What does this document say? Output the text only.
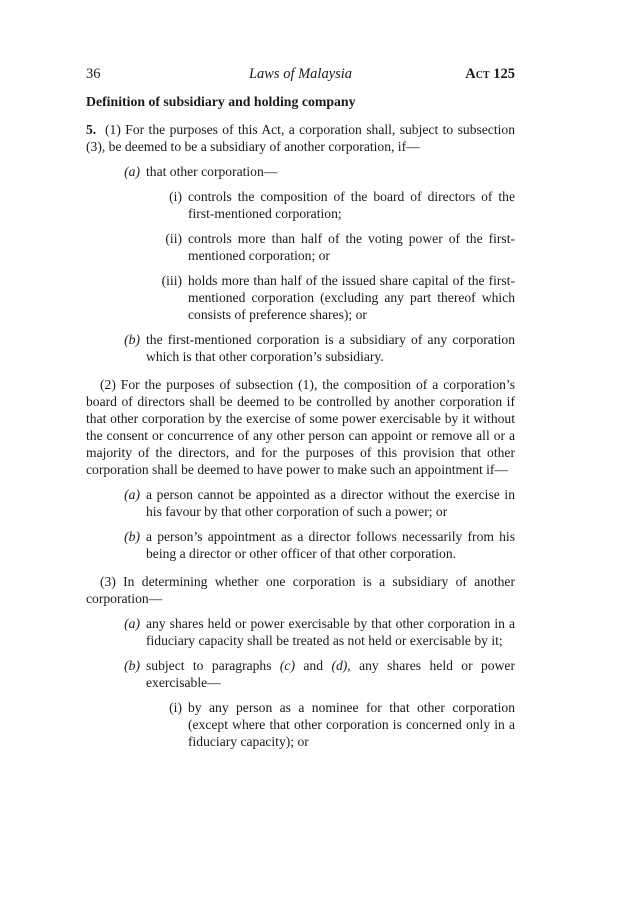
36	Laws of Malaysia	Act 125
Definition of subsidiary and holding company

5. (1) For the purposes of this Act, a corporation shall, subject to subsection (3), be deemed to be a subsidiary of another corporation, if—

(a) that other corporation—
(i) controls the composition of the board of directors of the first-mentioned corporation;
(ii) controls more than half of the voting power of the first-mentioned corporation; or
(iii) holds more than half of the issued share capital of the first-mentioned corporation (excluding any part thereof which consists of preference shares); or
(b) the first-mentioned corporation is a subsidiary of any corporation which is that other corporation’s subsidiary.

(2) For the purposes of subsection (1), the composition of a corporation’s board of directors shall be deemed to be controlled by another corporation if that other corporation by the exercise of some power exercisable by it without the consent or concurrence of any other person can appoint or remove all or a majority of the directors, and for the purposes of this provision that other corporation shall be deemed to have power to make such an appointment if—

(a) a person cannot be appointed as a director without the exercise in his favour by that other corporation of such a power; or
(b) a person’s appointment as a director follows necessarily from his being a director or other officer of that other corporation.

(3) In determining whether one corporation is a subsidiary of another corporation—

(a) any shares held or power exercisable by that other corporation in a fiduciary capacity shall be treated as not held or exercisable by it;
(b) subject to paragraphs (c) and (d), any shares held or power exercisable—
(i) by any person as a nominee for that other corporation (except where that other corporation is concerned only in a fiduciary capacity); or
